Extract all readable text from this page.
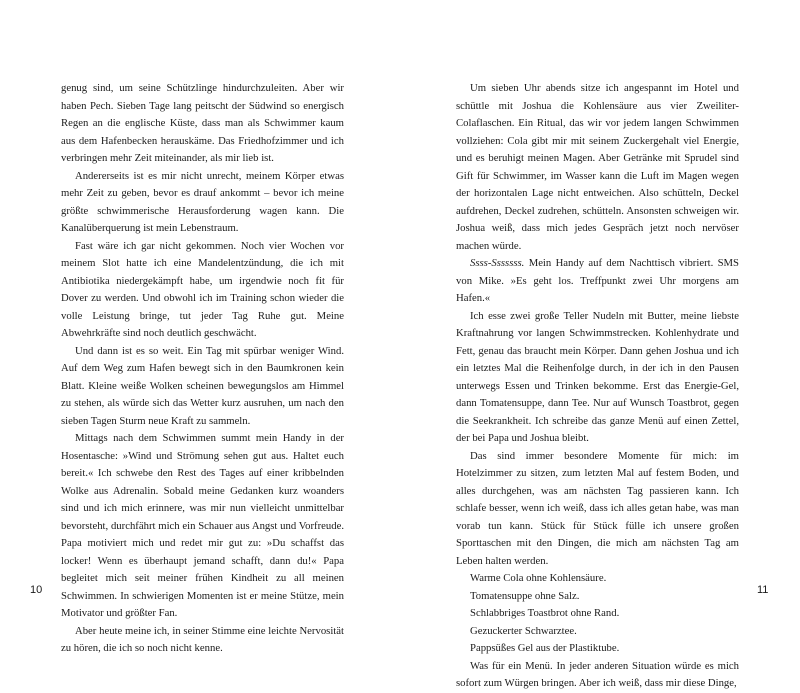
genug sind, um seine Schützlinge hindurchzuleiten. Aber wir haben Pech. Sieben Tage lang peitscht der Südwind so energisch Regen an die englische Küste, dass man als Schwimmer kaum aus dem Hafenbecken herauskäme. Das Friedhofzimmer und ich verbringen mehr Zeit miteinander, als mir lieb ist.

Andererseits ist es mir nicht unrecht, meinem Körper etwas mehr Zeit zu geben, bevor es drauf ankommt – bevor ich meine größte schwimmerische Herausforderung wagen kann. Die Kanalüberquerung ist mein Lebenstraum.

Fast wäre ich gar nicht gekommen. Noch vier Wochen vor meinem Slot hatte ich eine Mandelentzündung, die ich mit Antibiotika niedergekämpft habe, um irgendwie noch fit für Dover zu werden. Und obwohl ich im Training schon wieder die volle Leistung bringe, tut jeder Tag Ruhe gut. Meine Abwehrkräfte sind noch deutlich geschwächt.

Und dann ist es so weit. Ein Tag mit spürbar weniger Wind. Auf dem Weg zum Hafen bewegt sich in den Baumkronen kein Blatt. Kleine weiße Wolken scheinen bewegungslos am Himmel zu stehen, als würde sich das Wetter kurz ausruhen, um nach den sieben Tagen Sturm neue Kraft zu sammeln.

Mittags nach dem Schwimmen summt mein Handy in der Hosentasche: »Wind und Strömung sehen gut aus. Haltet euch bereit.« Ich schwebe den Rest des Tages auf einer kribbelnden Wolke aus Adrenalin. Sobald meine Gedanken kurz woanders sind und ich mich erinnere, was mir nun vielleicht unmittelbar bevorsteht, durchfährt mich ein Schauer aus Angst und Vorfreude. Papa motiviert mich und redet mir gut zu: »Du schaffst das locker! Wenn es überhaupt jemand schafft, dann du!« Papa begleitet mich seit meiner frühen Kindheit zu all meinen Schwimmen. In schwierigen Momenten ist er meine Stütze, mein Motivator und größter Fan.

Aber heute meine ich, in seiner Stimme eine leichte Nervosität zu hören, die ich so noch nicht kenne.

10

Um sieben Uhr abends sitze ich angespannt im Hotel und schüttle mit Joshua die Kohlensäure aus vier Zweiliter-Colaflaschen. Ein Ritual, das wir vor jedem langen Schwimmen vollziehen: Cola gibt mir mit seinem Zuckergehalt viel Energie, und es beruhigt meinen Magen. Aber Getränke mit Sprudel sind Gift für Schwimmer, im Wasser kann die Luft im Magen wegen der horizontalen Lage nicht entweichen. Also schütteln, Deckel aufdrehen, Deckel zudrehen, schütteln. Ansonsten schweigen wir. Joshua weiß, dass mich jedes Gespräch jetzt noch nervöser machen würde.

Ssss-Sssssss. Mein Handy auf dem Nachttisch vibriert. SMS von Mike. »Es geht los. Treffpunkt zwei Uhr morgens am Hafen.«

Ich esse zwei große Teller Nudeln mit Butter, meine liebste Kraftnahrung vor langen Schwimmstrecken. Kohlenhydrate und Fett, genau das braucht mein Körper. Dann gehen Joshua und ich ein letztes Mal die Reihenfolge durch, in der ich in den Pausen unterwegs Essen und Trinken bekomme. Erst das Energie-Gel, dann Tomatensuppe, dann Tee. Nur auf Wunsch Toastbrot, gegen die Seekrankheit. Ich schreibe das ganze Menü auf einen Zettel, der bei Papa und Joshua bleibt.

Das sind immer besondere Momente für mich: im Hotelzimmer zu sitzen, zum letzten Mal auf festem Boden, und alles durchgehen, was am nächsten Tag passieren kann. Ich schlafe besser, wenn ich weiß, dass ich alles getan habe, was man vorab tun kann. Stück für Stück fülle ich unsere großen Sporttaschen mit den Dingen, die mich am nächsten Tag am Leben halten werden.

Warme Cola ohne Kohlensäure.

Tomatensuppe ohne Salz.

Schlabbriges Toastbrot ohne Rand.

Gezuckerter Schwarztee.

Pappsüßes Gel aus der Plastiktube.

Was für ein Menü. In jeder anderen Situation würde es mich sofort zum Würgen bringen. Aber ich weiß, dass mir diese Dinge,

11
